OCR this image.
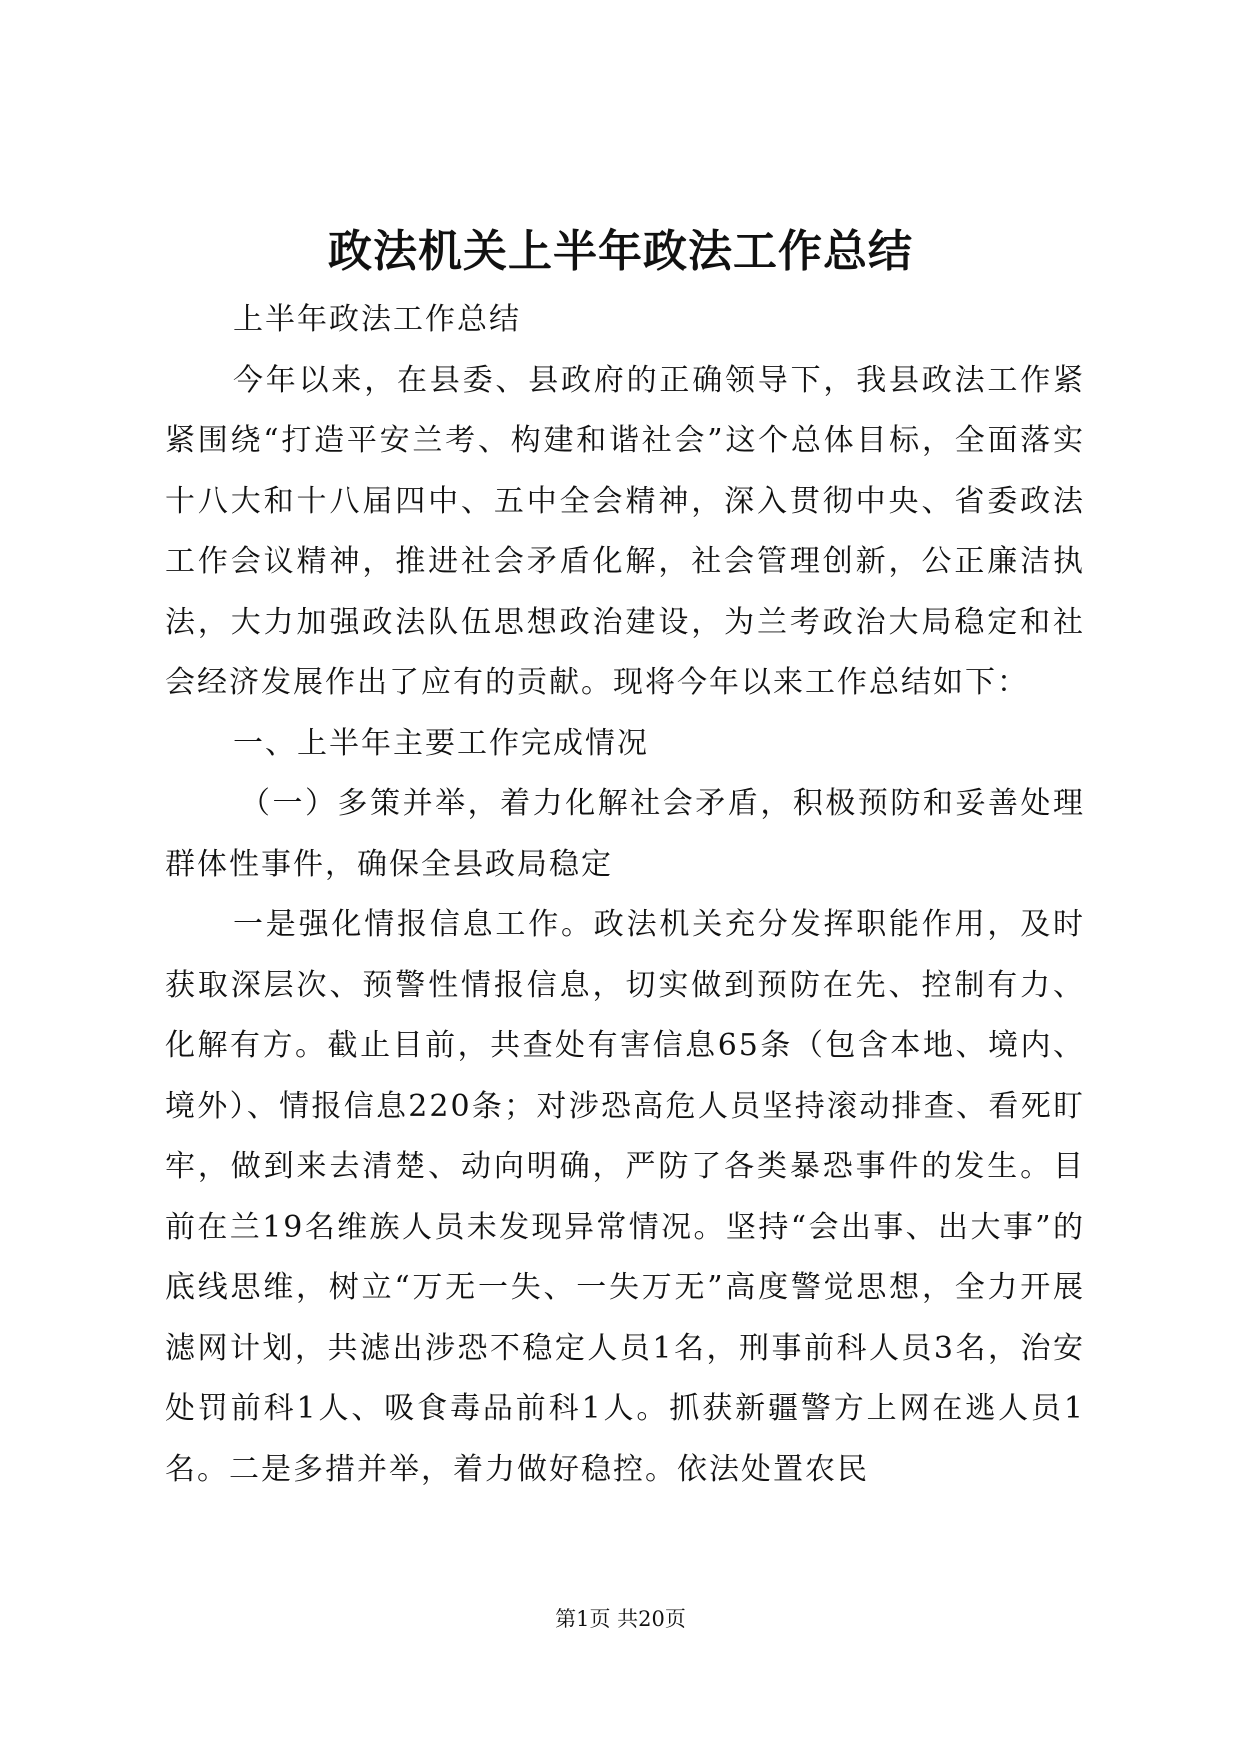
政法机关上半年政法工作总结

上半年政法工作总结

今年以来，在县委、县政府的正确领导下，我县政法工作紧紧围绕“打造平安兰考、构建和谐社会”这个总体目标，全面落实十八大和十八届四中、五中全会精神，深入贯彻中央、省委政法工作会议精神，推进社会矛盾化解，社会管理创新，公正廉洁执法，大力加强政法队伍思想政治建设，为兰考政治大局稳定和社会经济发展作出了应有的贡献。现将今年以来工作总结如下：

一、上半年主要工作完成情况

（一）多策并举，着力化解社会矛盾，积极预防和妥善处理群体性事件，确保全县政局稳定

一是强化情报信息工作。政法机关充分发挥职能作用，及时获取深层次、预警性情报信息，切实做到预防在先、控制有力、化解有方。截止目前，共查处有害信息65条（包含本地、境内、境外）、情报信息220条；对涉恐高危人员坚持滚动排查、看死盯牢，做到来去清楚、动向明确，严防了各类暴恐事件的发生。目前在兰19名维族人员未发现异常情况。坚持“会出事、出大事”的底线思维，树立“万无一失、一失万无”高度警觉思想，全力开展滤网计划，共滤出涉恐不稳定人员1名，刑事前科人员3名，治安处罚前科1人、吸食毒品前科1人。抓获新疆警方上网在逃人员1名。二是多措并举，着力做好稳控。依法处置农民

第1页 共20页
